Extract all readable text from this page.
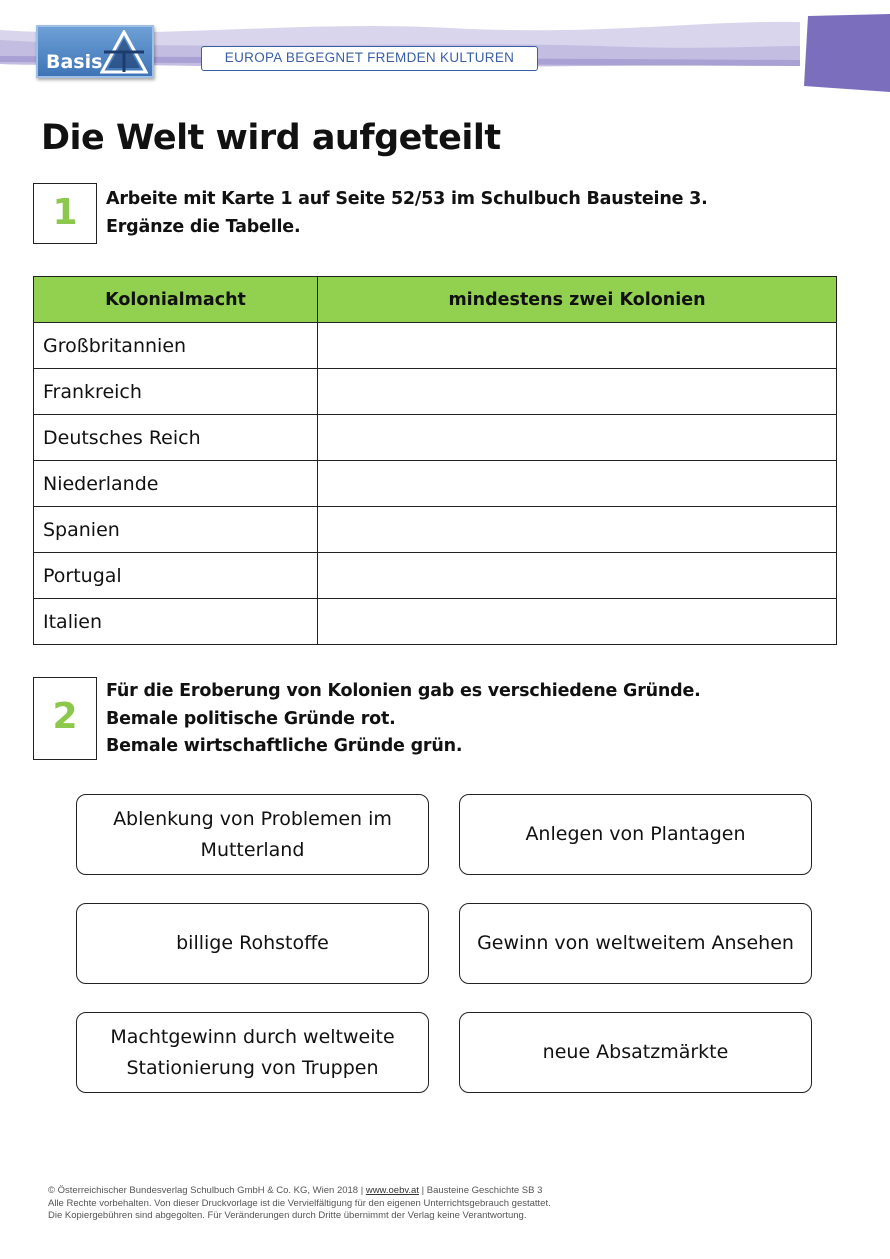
Basis	EUROPA BEGEGNET FREMDEN KULTUREN
Die Welt wird aufgeteilt
1	Arbeite mit Karte 1 auf Seite 52/53 im Schulbuch Bausteine 3.
Ergänze die Tabelle.
Kolonialmacht	mindestens zwei Kolonien
Großbritannien	
Frankreich	
Deutsches Reich	
Niederlande	
Spanien	
Portugal	
Italien	
2
Für die Eroberung von Kolonien gab es verschiedene Gründe.
Bemale politische Gründe rot.
Bemale wirtschaftliche Gründe grün.
Ablenkung von Problemen im
Mutterland
Anlegen von Plantagen
billige Rohstoffe	Gewinn von weltweitem Ansehen
Machtgewinn durch weltweite
Stationierung von Truppen
neue Absatzmärkte
© Österreichischer Bundesverlag Schulbuch GmbH & Co. KG, Wien 2018 | www.oebv.at | Bausteine Geschichte SB 3
Alle Rechte vorbehalten. Von dieser Druckvorlage ist die Vervielfältigung für den eigenen Unterrichtsgebrauch gestattet.
Die Kopiergebühren sind abgegolten. Für Veränderungen durch Dritte übernimmt der Verlag keine Verantwortung.
